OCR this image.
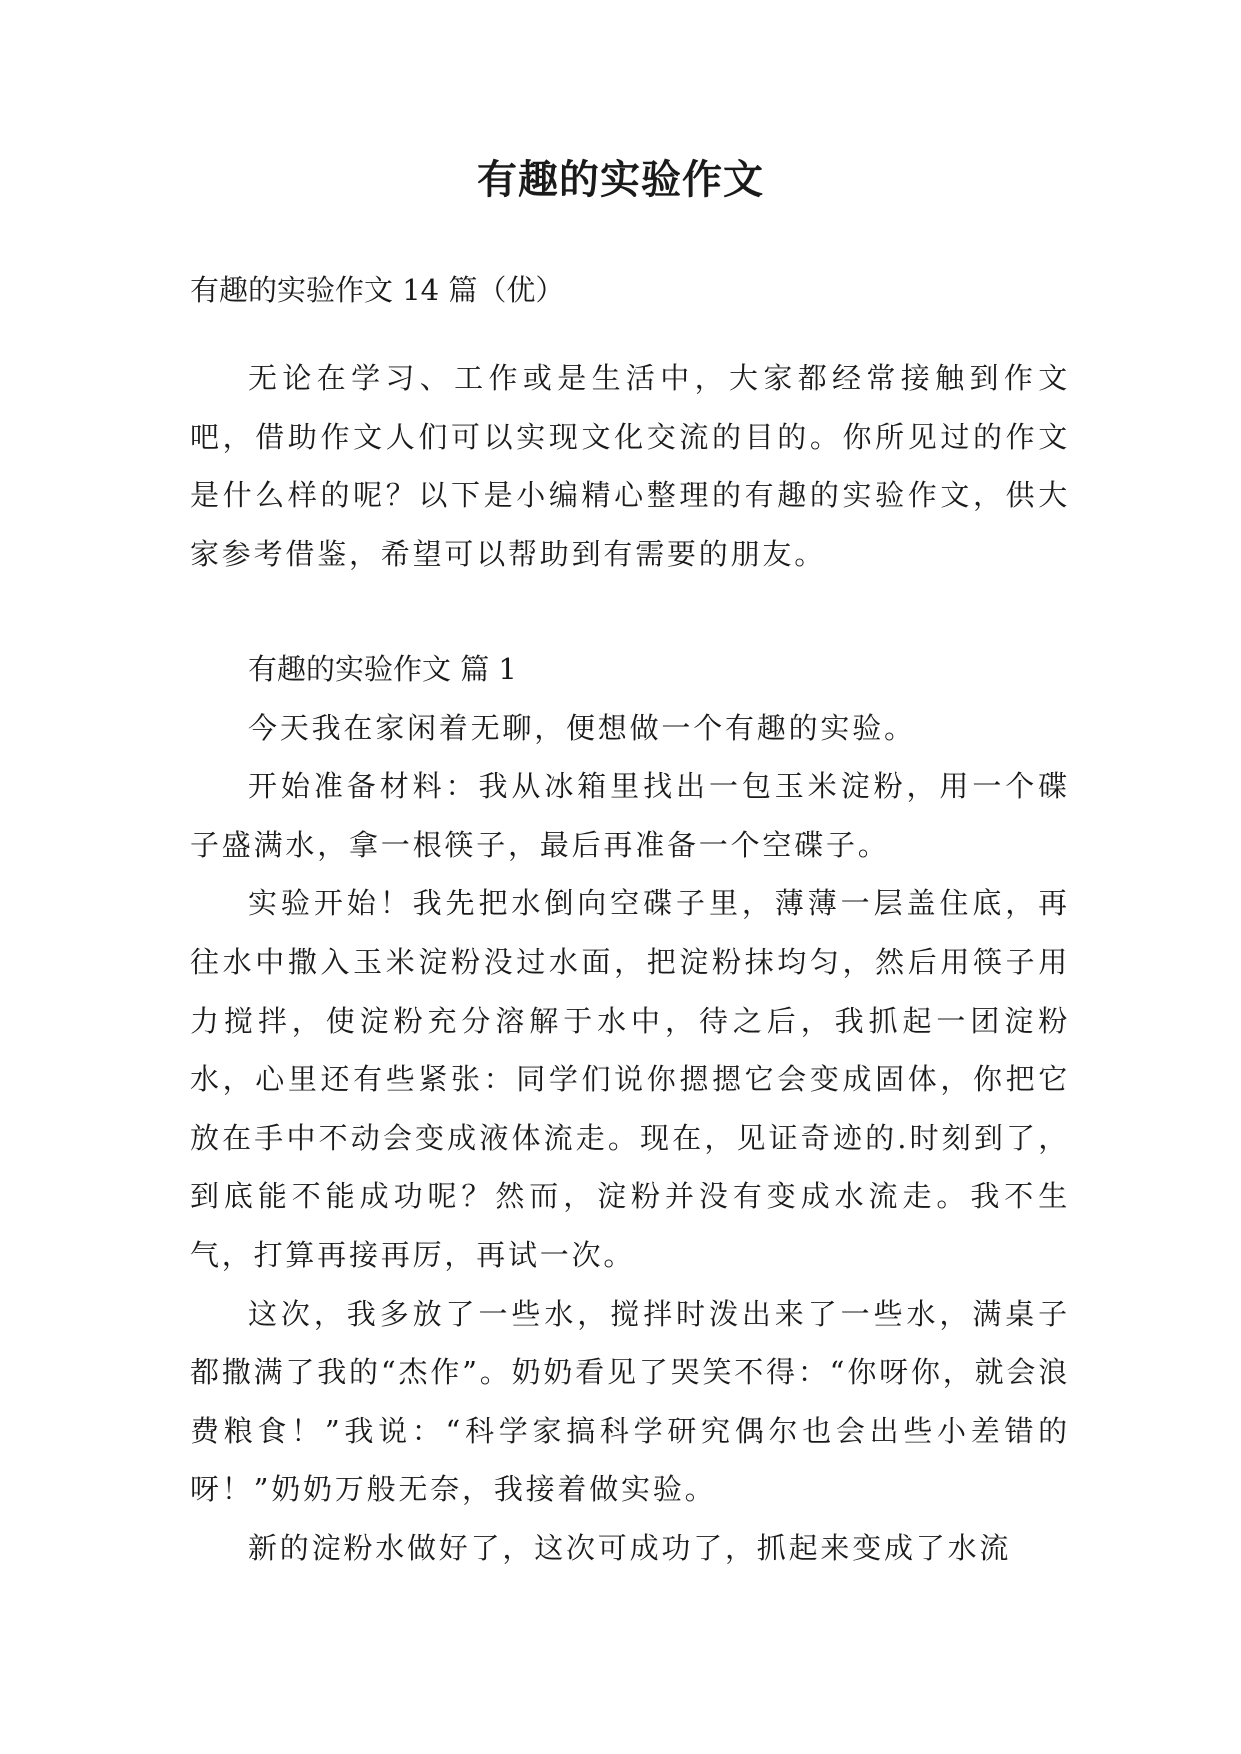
有趣的实验作文
有趣的实验作文 14 篇（优）

无论在学习、工作或是生活中，大家都经常接触到作文吧，借助作文人们可以实现文化交流的目的。你所见过的作文是什么样的呢？以下是小编精心整理的有趣的实验作文，供大家参考借鉴，希望可以帮助到有需要的朋友。

有趣的实验作文 篇 1

今天我在家闲着无聊，便想做一个有趣的实验。

开始准备材料：我从冰箱里找出一包玉米淀粉，用一个碟子盛满水，拿一根筷子，最后再准备一个空碟子。

实验开始！我先把水倒向空碟子里，薄薄一层盖住底，再往水中撒入玉米淀粉没过水面，把淀粉抹均匀，然后用筷子用力搅拌，使淀粉充分溶解于水中，待之后，我抓起一团淀粉水，心里还有些紧张：同学们说你摁摁它会变成固体，你把它放在手中不动会变成液体流走。现在，见证奇迹的.时刻到了，到底能不能成功呢？然而，淀粉并没有变成水流走。我不生气，打算再接再厉，再试一次。

这次，我多放了一些水，搅拌时泼出来了一些水，满桌子都撒满了我的“杰作”。奶奶看见了哭笑不得：“你呀你，就会浪费粮食！”我说：“科学家搞科学研究偶尔也会出些小差错的呀！”奶奶万般无奈，我接着做实验。

新的淀粉水做好了，这次可成功了，抓起来变成了水流
